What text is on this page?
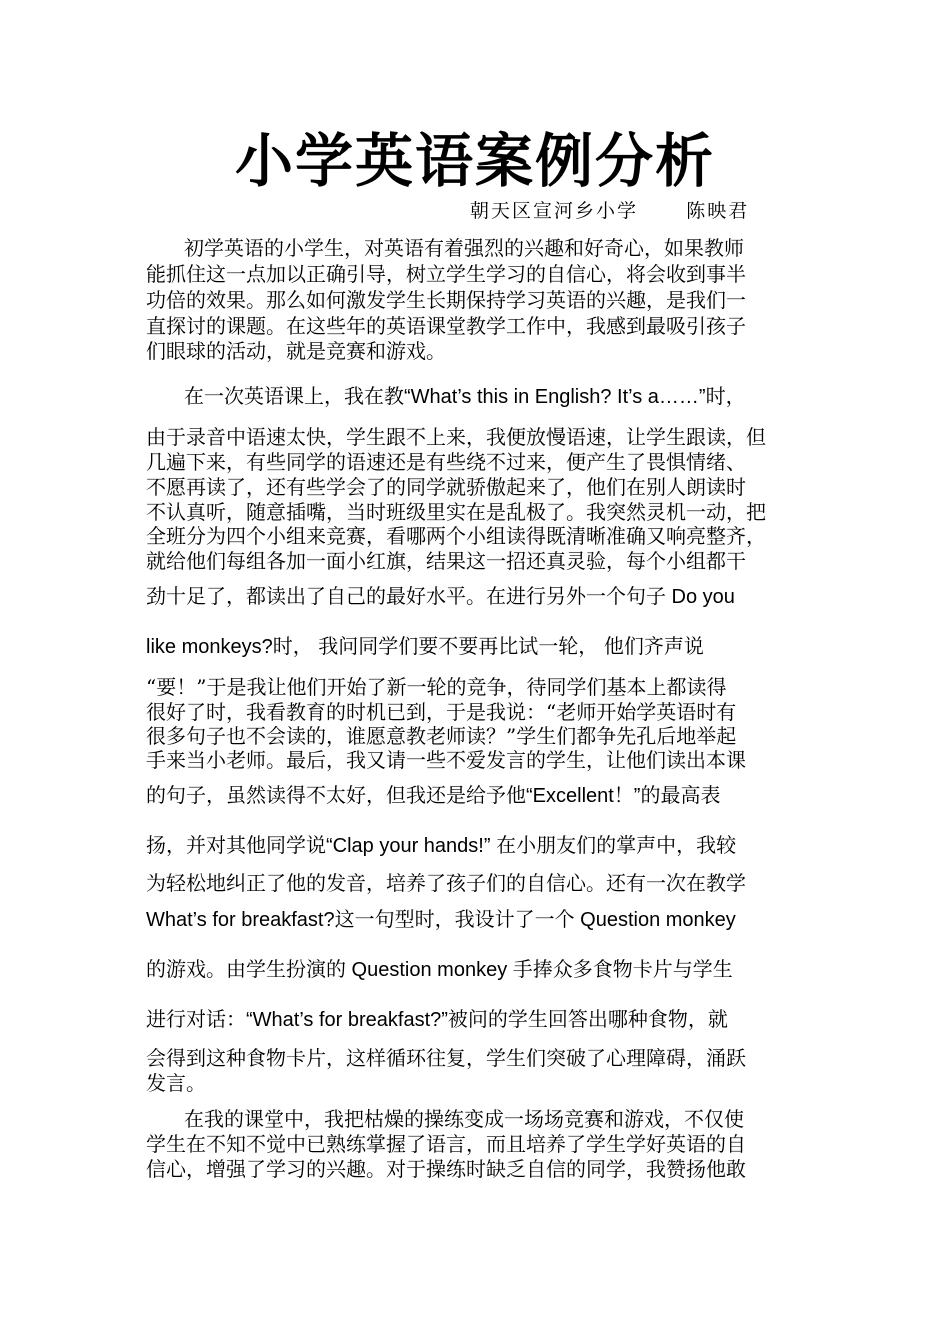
小学英语案例分析
朝天区宣河乡小学      陈映君
初学英语的小学生，对英语有着强烈的兴趣和好奇心，如果教师
能抓住这一点加以正确引导，树立学生学习的自信心，将会收到事半
功倍的效果。那么如何激发学生长期保持学习英语的兴趣，是我们一
直探讨的课题。在这些年的英语课堂教学工作中，我感到最吸引孩子
们眼球的活动，就是竞赛和游戏。
在一次英语课上，我在教“What’s this in English? It’s a……”时，
由于录音中语速太快，学生跟不上来，我便放慢语速，让学生跟读，但
几遍下来，有些同学的语速还是有些绕不过来，便产生了畏惧情绪、
不愿再读了，还有些学会了的同学就骄傲起来了，他们在别人朗读时
不认真听，随意插嘴，当时班级里实在是乱极了。我突然灵机一动，把
全班分为四个小组来竞赛，看哪两个小组读得既清晰准确又响亮整齐，
就给他们每组各加一面小红旗，结果这一招还真灵验，每个小组都干
劲十足了，都读出了自己的最好水平。在进行另外一个句子 Do you
like monkeys?时， 我问同学们要不要再比试一轮， 他们齐声说
“要！”于是我让他们开始了新一轮的竞争，待同学们基本上都读得
很好了时，我看教育的时机已到，于是我说：“老师开始学英语时有
很多句子也不会读的，谁愿意教老师读？”学生们都争先孔后地举起
手来当小老师。最后，我又请一些不爱发言的学生，让他们读出本课
的句子，虽然读得不太好，但我还是给予他“Excellent！”的最高表
扬，并对其他同学说“Clap your hands!” 在小朋友们的掌声中，我较
为轻松地纠正了他的发音，培养了孩子们的自信心。还有一次在教学
What’s for breakfast?这一句型时，我设计了一个 Question monkey
的游戏。由学生扮演的 Question monkey 手捧众多食物卡片与学生
进行对话：“What’s for breakfast?”被问的学生回答出哪种食物，就
会得到这种食物卡片，这样循环往复，学生们突破了心理障碍，涌跃
发言。
在我的课堂中，我把枯燥的操练变成一场场竞赛和游戏，不仅使
学生在不知不觉中已熟练掌握了语言，而且培养了学生学好英语的自
信心，增强了学习的兴趣。对于操练时缺乏自信的同学，我赞扬他敢
